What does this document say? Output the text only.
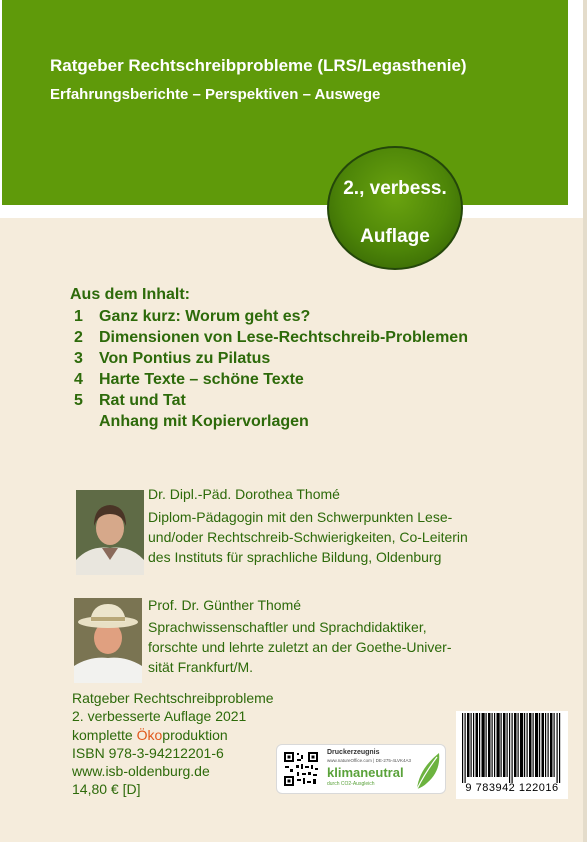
Ratgeber Rechtschreibprobleme (LRS/Legasthenie)
Erfahrungsberichte – Perspektiven – Auswege
2., verbess.
Auflage
Aus dem Inhalt:
1	Ganz kurz: Worum geht es?
2	Dimensionen von Lese-Rechtschreib-Problemen
3	Von Pontius zu Pilatus
4	Harte Texte – schöne Texte
5	Rat und Tat
Anhang mit Kopiervorlagen
Dr. Dipl.-Päd. Dorothea Thomé
Diplom-Pädagogin mit den Schwerpunkten Lese-
und/oder Rechtschreib-Schwierigkeiten, Co-Leiterin
des Instituts für sprachliche Bildung, Oldenburg
Prof. Dr. Günther Thomé
Sprachwissenschaftler und Sprachdidaktiker,
forschte und lehrte zuletzt an der Goethe-Univer-
sität Frankfurt/M.
Ratgeber Rechtschreibprobleme
2. verbesserte Auflage 2021
komplette Ökoproduktion
ISBN 978-3-94212201-6
www.isb-oldenburg.de
14,80 € [D]
Druckerzeugnis
www.natureOffice.com | DE-275-4LVK4A3
klimaneutral
durch CO2-Ausgleich	9 783942 122016
